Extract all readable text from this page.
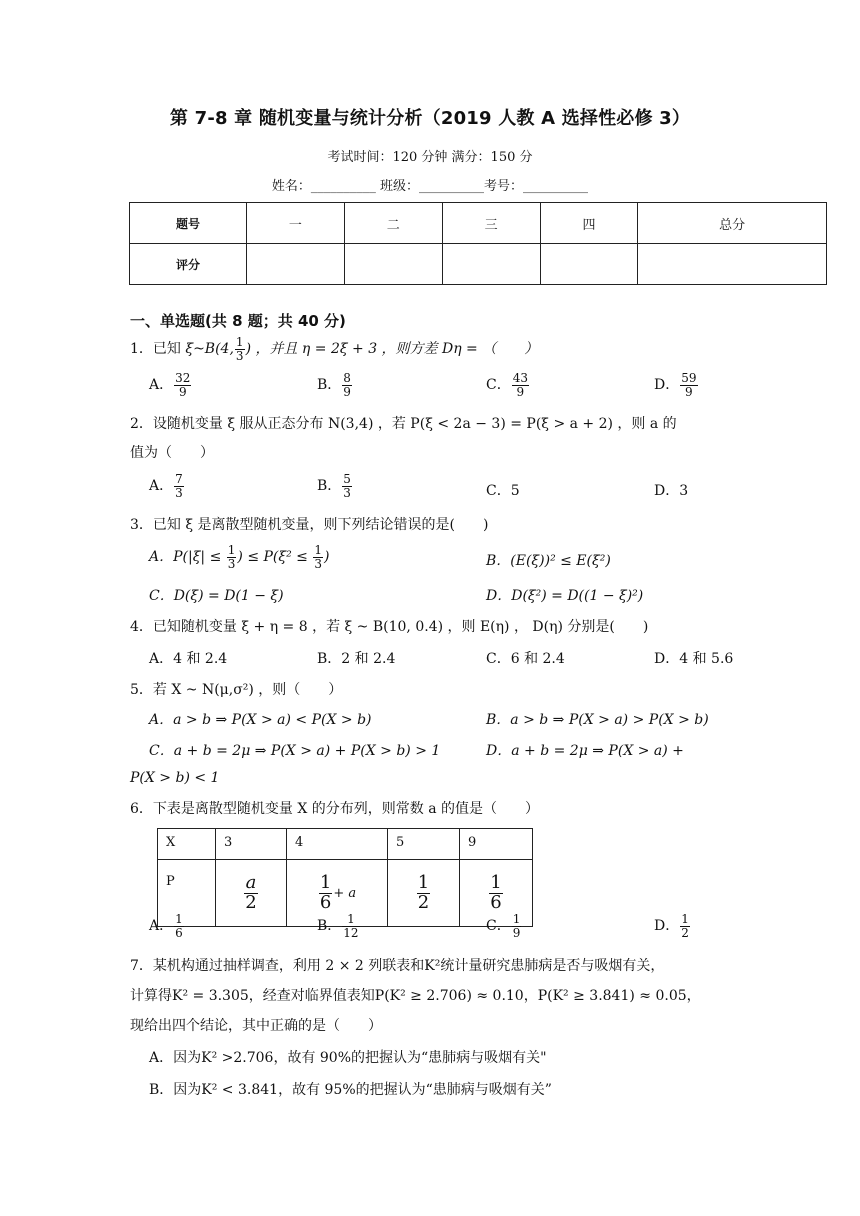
第 7-8 章 随机变量与统计分析（2019 人教 A 选择性必修 3）
考试时间：120 分钟 满分：150 分
姓名：__________ 班级：__________考号：__________
题号	一	二	三	四	总分
评分					
一、单选题(共 8 题；共 40 分)
1．已知 ξ~B(4, $\frac{1}{3}$ ) ，并且 η = 2ξ + 3 ，则方差 Dη = （　　）
A． $\frac{32}{9}$	B． $\frac{8}{9}$	C． $\frac{43}{9}$	D． $\frac{59}{9}$
2．设随机变量 ξ 服从正态分布 N(3,4) ，若 P(ξ < 2a − 3) = P(ξ > a + 2) ，则 a 的
值为（　　）
A． $\frac{7}{3}$	B． $\frac{5}{3}$	C．5	D．3
3．已知 ξ 是离散型随机变量，则下列结论错误的是(　　)
A．$P(|\xi| \le \frac{1}{3}$ ) ≤ $P(\xi^2 \le \frac{1}{3}$ )	B．(E(ξ))² ≤ E(ξ²)
C．D(ξ) = D(1 − ξ)	D．D(ξ²) = D((1 − ξ)²)
4．已知随机变量 ξ + η = 8 ，若 ξ ~ B(10, 0.4) ，则 E(η) ， D(η) 分别是(　　)
A．4 和 2.4	B．2 和 2.4	C．6 和 2.4	D．4 和 5.6
5．若 X ~ N(μ,σ²) ，则（　　）
A．a > b ⇒ P(X > a) < P(X > b)	B．a > b ⇒ P(X > a) > P(X > b)
C．a + b = 2μ ⇒ P(X > a) + P(X > b) > 1	D．a + b = 2μ ⇒ P(X > a) +
P(X > b) < 1
6．下表是离散型随机变量 X 的分布列，则常数 a 的值是（　　）
X	3	4	5	9
P	$\frac{a}{2}$	$\frac{1}{6} + a$	$\frac{1}{2}$	$\frac{1}{6}$
A． $\frac{1}{6}$	B． $\frac{1}{12}$	C． $\frac{1}{9}$	D． $\frac{1}{2}$
7．某机构通过抽样调查，利用 2 × 2 列联表和K²统计量研究患肺病是否与吸烟有关，
计算得K² = 3.305，经查对临界值表知P(K² ≥ 2.706) ≈ 0.10，P(K² ≥ 3.841) ≈ 0.05，
现给出四个结论，其中正确的是（　　）
A．因为K² >2.706，故有 90%的把握认为“患肺病与吸烟有关"
B．因为K² < 3.841，故有 95%的把握认为“患肺病与吸烟有关”
